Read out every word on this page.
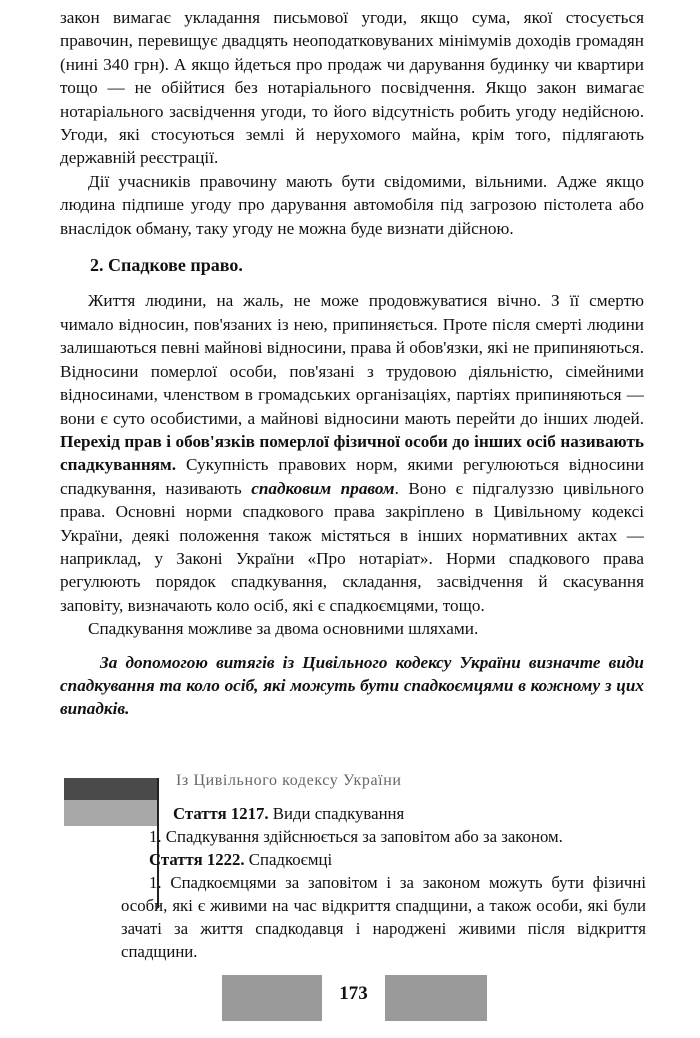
закон вимагає укладання письмової угоди, якщо сума, якої стосується правочин, перевищує двадцять неоподатковуваних мінімумів доходів громадян (нині 340 грн). А якщо йдеться про продаж чи дарування будинку чи квартири тощо — не обійтися без нотаріального посвідчення. Якщо закон вимагає нотаріального засвідчення угоди, то його відсутність робить угоду недійсною. Угоди, які стосуються землі й нерухомого майна, крім того, підлягають державній реєстрації.

Дії учасників правочину мають бути свідомими, вільними. Адже якщо людина підпише угоду про дарування автомобіля під загрозою пістолета або внаслідок обману, таку угоду не можна буде визнати дійсною.

2. Спадкове право.

Життя людини, на жаль, не може продовжуватися вічно. З її смертю чимало відносин, пов'язаних із нею, припиняється. Проте після смерті людини залишаються певні майнові відносини, права й обов'язки, які не припиняються. Відносини померлої особи, пов'язані з трудовою діяльністю, сімейними відносинами, членством в громадських організаціях, партіях припиняються — вони є суто особистими, а майнові відносини мають перейти до інших людей. Перехід прав і обов'язків померлої фізичної особи до інших осіб називають спадкуванням. Сукупність правових норм, якими регулюються відносини спадкування, називають спадковим правом. Воно є підгалуззю цивільного права. Основні норми спадкового права закріплено в Цивільному кодексі України, деякі положення також містяться в інших нормативних актах — наприклад, у Законі України «Про нотаріат». Норми спадкового права регулюють порядок спадкування, складання, засвідчення й скасування заповіту, визначають коло осіб, які є спадкоємцями, тощо.

Спадкування можливе за двома основними шляхами.

За допомогою витягів із Цивільного кодексу України визначте види спадкування та коло осіб, які можуть бути спадкоємцями в кожному з цих випадків.

Із Цивільного кодексу України

Стаття 1217. Види спадкування

1. Спадкування здійснюється за заповітом або за законом.

Стаття 1222. Спадкоємці

1. Спадкоємцями за заповітом і за законом можуть бути фізичні особи, які є живими на час відкриття спадщини, а також особи, які були зачаті за життя спадкодавця і народжені живими після відкриття спадщини.

173
